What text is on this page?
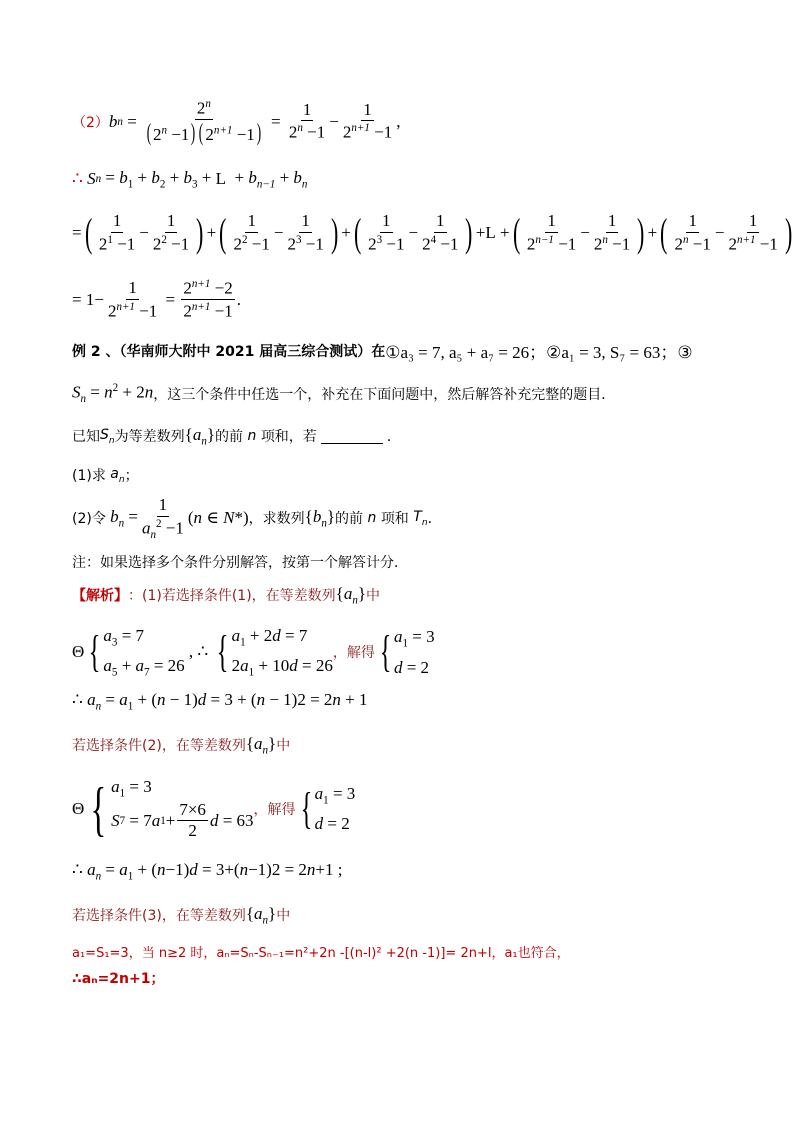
（2） b $n = \frac{2^n}{( 2^n -1) ( 2^{n+1} -1)} = \frac{1}{2^n -1} - \frac{1}{2^{n+1} -1}$ ,
∴
S $n = b_1 + b_2 + b_3 + L + b_{n-1} + b_n$
= ( $\frac{1}{2^1 -1} - \frac{1}{2^2 -1}$ ) + ( $\frac{1}{2^2 -1} - \frac{1}{2^3 -1}$ ) + ( $\frac{1}{2^3 -1} - \frac{1}{2^4 -1}$ ) +L + ( $\frac{1}{2^{n-1} -1} - \frac{1}{2^n -1}$ ) + ( $\frac{1}{2^n -1} - \frac{1}{2^{n+1} -1}$ )
= $1- \frac{1}{2^{n+1} -1} = \frac{2^{n+1} -2}{2^{n+1} -1}$ .
例 2 、（华南师大附中 2021 届高三综合测试）在 ①a₃ = 7, a₅ + a₇ = 26；②a₁ = 3, S₇ = 63；③
$S_n = n^2 + 2n$ ，这三个条件中任选一个，补充在下面问题中，然后解答补充完整的题目．
已知 $S_n$ 为等差数列 $\{a_n\}$ 的前 n 项和，若	．
(1)求 $a_n$ ；
(2)令 $b_n = \frac{1}{a_n^2 -1} (n$ ∈ N*) ，求数列 $\{b_n\}$ 的前 n 项和 $T_n$ ．
注：如果选择多个条件分别解答，按第一个解答计分．
【解析】 ：(1)若选择条件(1)，在等差数列 $\{a_n\}$ 中
Θ { $a_3 = 7$
$a_5 + a_7 = 26$
, ∴ { $a_1 + 2d = 7$
$2a_1 + 10d = 26$
，解得 { $a_1 = 3$
d = 2
∴ $a_n = a_1 + (n - 1)d = 3 + (n - 1)2 = 2n + 1$
若选择条件(2)，在等差数列 $\{a_n\}$ 中
Θ { $a_1 = 3$
S 7 = 7 a $1 + \frac{7\times 6}{2}$ d = 63
，解得 { $a_1 = 3$
d = 2
∴ $a_n = a_1 + (n-1)d = 3+(n-1)2 = 2n+1$ ;
若选择条件(3)，在等差数列 $\{a_n\}$ 中
a₁=S₁=3，当 n≥2 时，aₙ=Sₙ-Sₙ₋₁=n²+2n -[(n-l)² +2(n -1)]= 2n+l，a₁也符合，
∴aₙ=2n+1；
